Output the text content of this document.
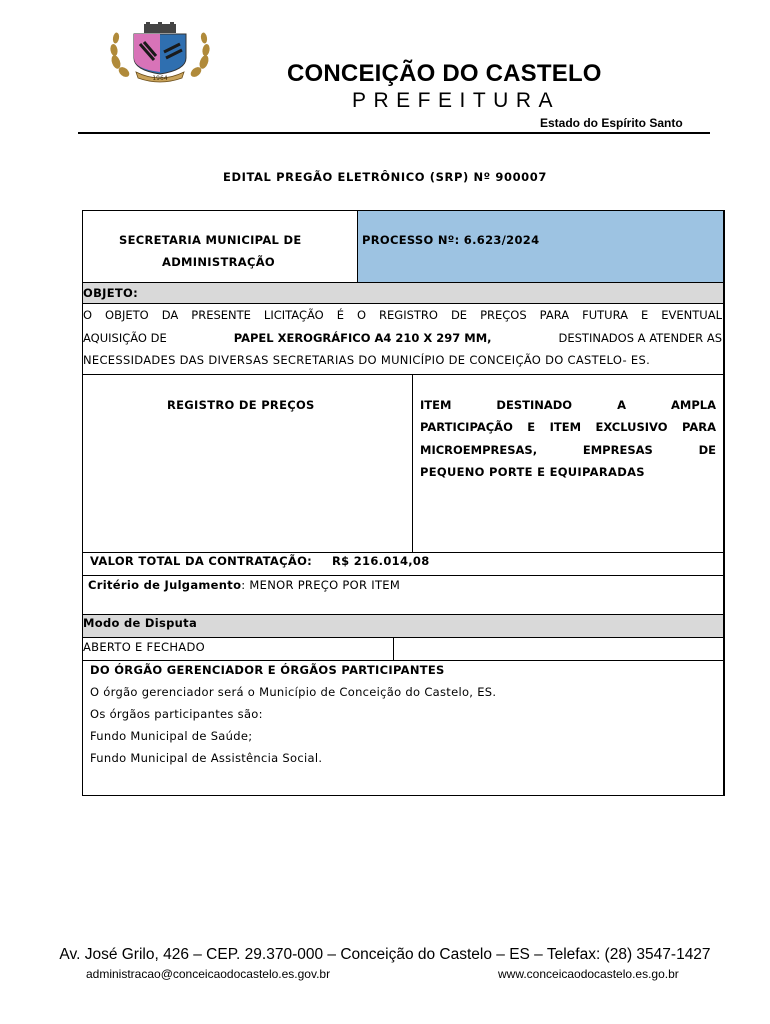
1964	CONCEIÇÃO DO CASTELO
PREFEITURA
Estado do Espírito Santo
EDITAL PREGÃO ELETRÔNICO (SRP) Nº 900007
SECRETARIA MUNICIPAL DE
ADMINISTRAÇÃO
PROCESSO Nº: 6.623/2024
OBJETO:
O OBJETO DA PRESENTE LICITAÇÃO É O REGISTRO DE PREÇOS PARA FUTURA E EVENTUAL
AQUISIÇÃO DE	PAPEL XEROGRÁFICO A4 210 X 297 MM,	DESTINADOS A ATENDER AS
NECESSIDADES DAS DIVERSAS SECRETARIAS DO MUNICÍPIO DE CONCEIÇÃO DO CASTELO- ES.
REGISTRO DE PREÇOS	ITEM DESTINADO A AMPLA
PARTICIPAÇÃO E ITEM EXCLUSIVO PARA
MICROEMPRESAS, EMPRESAS DE
PEQUENO PORTE E EQUIPARADAS
VALOR TOTAL DA CONTRATAÇÃO: R$ 216.014,08
Critério de Julgamento: MENOR PREÇO POR ITEM
Modo de Disputa
ABERTO E FECHADO
DO ÓRGÃO GERENCIADOR E ÓRGÃOS PARTICIPANTES
O órgão gerenciador será o Município de Conceição do Castelo, ES.
Os órgãos participantes são:
Fundo Municipal de Saúde;
Fundo Municipal de Assistência Social.
Av. José Grilo, 426 – CEP. 29.370-000 – Conceição do Castelo – ES – Telefax: (28) 3547-1427
administracao@conceicaodocastelo.es.gov.br	www.conceicaodocastelo.es.go.br
